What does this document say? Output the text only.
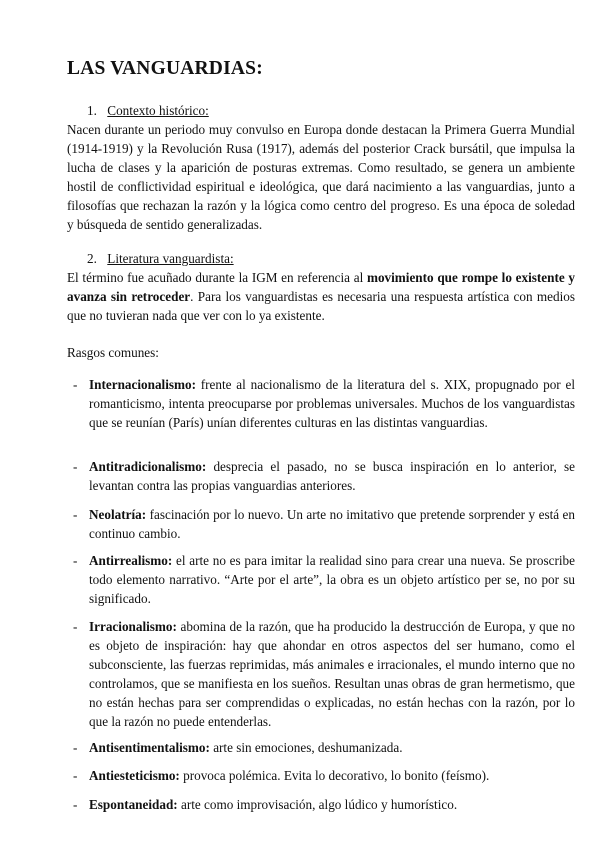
LAS VANGUARDIAS:
1. Contexto histórico:

Nacen durante un periodo muy convulso en Europa donde destacan la Primera Guerra Mundial (1914-1919) y la Revolución Rusa (1917), además del posterior Crack bursátil, que impulsa la lucha de clases y la aparición de posturas extremas. Como resultado, se genera un ambiente hostil de conflictividad espiritual e ideológica, que dará nacimiento a las vanguardias, junto a filosofías que rechazan la razón y la lógica como centro del progreso. Es una época de soledad y búsqueda de sentido generalizadas.

2. Literatura vanguardista:

El término fue acuñado durante la IGM en referencia al movimiento que rompe lo existente y avanza sin retroceder. Para los vanguardistas es necesaria una respuesta artística con medios que no tuvieran nada que ver con lo ya existente.

Rasgos comunes:
- Internacionalismo: frente al nacionalismo de la literatura del s. XIX, propugnado por el romanticismo, intenta preocuparse por problemas universales. Muchos de los vanguardistas que se reunían (París) unían diferentes culturas en las distintas vanguardias.
- Antitradicionalismo: desprecia el pasado, no se busca inspiración en lo anterior, se levantan contra las propias vanguardias anteriores.
- Neolatría: fascinación por lo nuevo. Un arte no imitativo que pretende sorprender y está en continuo cambio.
- Antirrealismo: el arte no es para imitar la realidad sino para crear una nueva. Se proscribe todo elemento narrativo. “Arte por el arte”, la obra es un objeto artístico per se, no por su significado.
- Irracionalismo: abomina de la razón, que ha producido la destrucción de Europa, y que no es objeto de inspiración: hay que ahondar en otros aspectos del ser humano, como el subconsciente, las fuerzas reprimidas, más animales e irracionales, el mundo interno que no controlamos, que se manifiesta en los sueños. Resultan unas obras de gran hermetismo, que no están hechas para ser comprendidas o explicadas, no están hechas con la razón, por lo que la razón no puede entenderlas.
- Antisentimentalismo: arte sin emociones, deshumanizada.
- Antiesteticismo: provoca polémica. Evita lo decorativo, lo bonito (feísmo).
- Espontaneidad: arte como improvisación, algo lúdico y humorístico.
